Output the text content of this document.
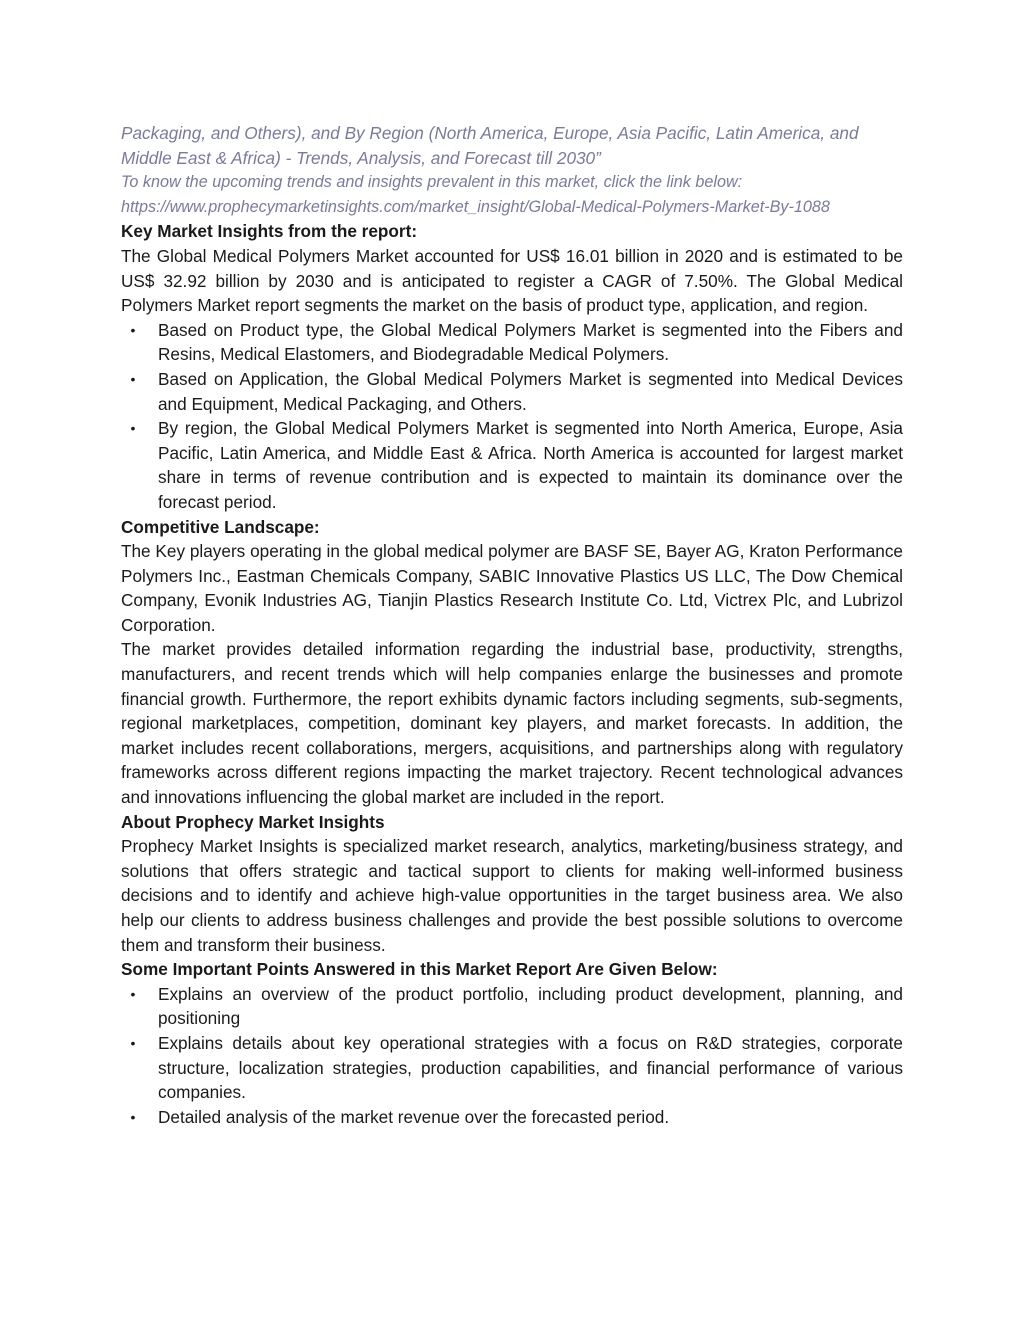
Packaging, and Others), and By Region (North America, Europe, Asia Pacific, Latin America, and Middle East & Africa) - Trends, Analysis, and Forecast till 2030”

To know the upcoming trends and insights prevalent in this market, click the link below:

https://www.prophecymarketinsights.com/market_insight/Global-Medical-Polymers-Market-By-1088

Key Market Insights from the report:

The Global Medical Polymers Market accounted for US$ 16.01 billion in 2020 and is estimated to be US$ 32.92 billion by 2030 and is anticipated to register a CAGR of 7.50%. The Global Medical Polymers Market report segments the market on the basis of product type, application, and region.

• Based on Product type, the Global Medical Polymers Market is segmented into the Fibers and Resins, Medical Elastomers, and Biodegradable Medical Polymers.
• Based on Application, the Global Medical Polymers Market is segmented into Medical Devices and Equipment, Medical Packaging, and Others.
• By region, the Global Medical Polymers Market is segmented into North America, Europe, Asia Pacific, Latin America, and Middle East & Africa. North America is accounted for largest market share in terms of revenue contribution and is expected to maintain its dominance over the forecast period.
Competitive Landscape:

The Key players operating in the global medical polymer are BASF SE, Bayer AG, Kraton Performance Polymers Inc., Eastman Chemicals Company, SABIC Innovative Plastics US LLC, The Dow Chemical Company, Evonik Industries AG, Tianjin Plastics Research Institute Co. Ltd, Victrex Plc, and Lubrizol Corporation.

The market provides detailed information regarding the industrial base, productivity, strengths, manufacturers, and recent trends which will help companies enlarge the businesses and promote financial growth. Furthermore, the report exhibits dynamic factors including segments, sub-segments, regional marketplaces, competition, dominant key players, and market forecasts. In addition, the market includes recent collaborations, mergers, acquisitions, and partnerships along with regulatory frameworks across different regions impacting the market trajectory. Recent technological advances and innovations influencing the global market are included in the report.

About Prophecy Market Insights

Prophecy Market Insights is specialized market research, analytics, marketing/business strategy, and solutions that offers strategic and tactical support to clients for making well-informed business decisions and to identify and achieve high-value opportunities in the target business area. We also help our clients to address business challenges and provide the best possible solutions to overcome them and transform their business.

Some Important Points Answered in this Market Report Are Given Below:
• Explains an overview of the product portfolio, including product development, planning, and positioning
• Explains details about key operational strategies with a focus on R&D strategies, corporate structure, localization strategies, production capabilities, and financial performance of various companies.
• Detailed analysis of the market revenue over the forecasted period.
